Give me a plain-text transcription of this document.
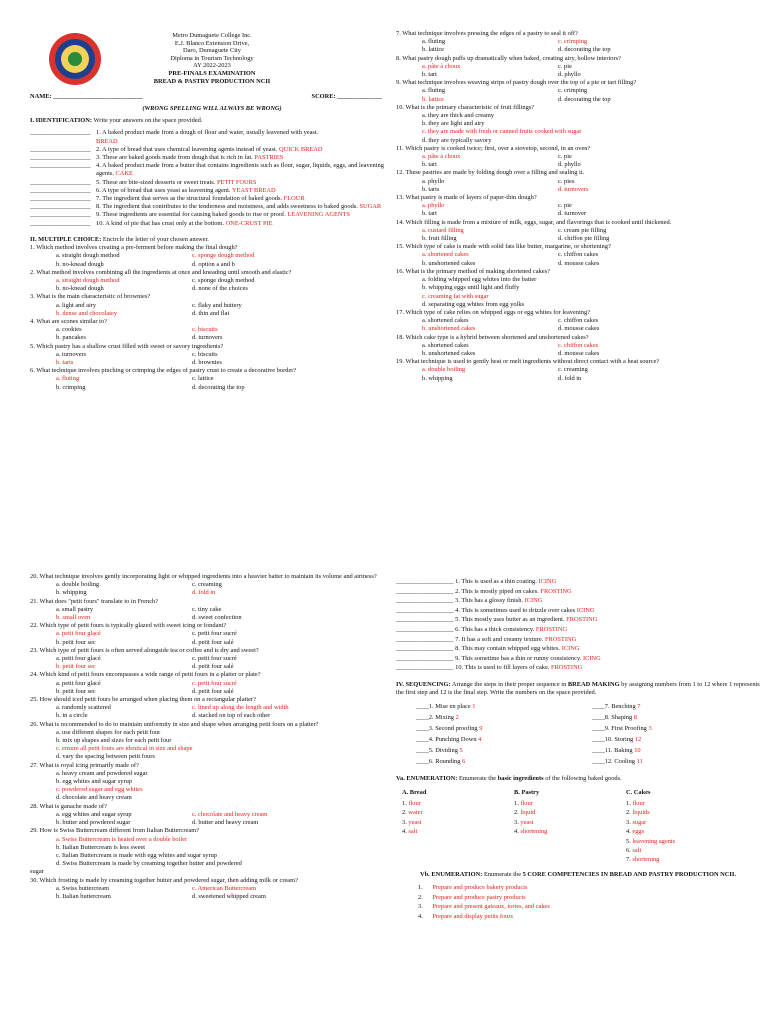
Metro Dumaguete College Inc.
E.J. Blanco Extension Drive,
Daro, Dumaguete City
Diploma in Tourism Technology
AY 2022-2023
PRE-FINALS EXAMINATION
BREAD & PASTRY PRODUCTION NCII
NAME: ____________________________	SCORE: ______________
(WRONG SPELLING WILL ALWAYS BE WRONG)
I. IDENTIFICATION: Write your answers on the space provided.
___________________ 1. A baked product made from a dough of flour and water, usually leavened with yeast.
BREAD
___________________ 2. A type of bread that uses chemical leavening agents instead of yeast. QUICK BREAD
___________________ 3. These are baked goods made from dough that is rich in fat. PASTRIES
___________________ 4. A baked product made from a butter that contains ingredients such as flour, sugar, liquids, eggs, and leavening agents. CAKE
___________________ 5. These are bite-sized desserts or sweet treats. PETIT FOURS
___________________ 6. A type of bread that uses yeast as leavening agent. YEAST BREAD
___________________ 7. The ingredient that serves as the structural foundation of baked goods. FLOUR
___________________ 8. The ingredient that contributes to the tenderness and moistness, and adds sweetness to baked goods. SUGAR
___________________ 9. These ingredients are essential for causing baked goods to rise or proof. LEAVENING AGENTS
___________________ 10. A kind of pie that has crust only at the bottom. ONE-CRUST PIE
II. MULTIPLE CHOICE: Encircle the letter of your chosen answer.
1. Which method involves creating a pre-ferment before making the final dough?
a. straight dough method	c. sponge dough method
b. no-knead dough	d. option a and b
2. What method involves combining all the ingredients at once and kneading until smooth and elastic?
a. straight dough method	c. sponge dough method
b. no-knead dough	d. none of the choices
3. What is the main characteristic of brownies?
a. light and airy	c. flaky and buttery
b. dense and chocolatey	d. thin and flat
4. What are scones similar to?
a. cookies	c. biscuits
b. pancakes	d. turnovers
5. Which pastry has a shallow crust filled with sweet or savory ingredients?
a. turnovers	c. biscuits
b. tarts	d. brownies
6. What technique involves pinching or crimping the edges of pastry crust to create a decorative border?
a. fluting	c. lattice
b. crimping	d. decorating the top
7. What technique involves pressing the edges of a pastry to seal it off?
a. fluting	c. crimping
b. lattice	d. decorating the top
8. What pastry dough puffs up dramatically when baked, creating airy, hollow interiors?
a. pâte à choux	c. pie
b. tart	d. phyllo
9. What technique involves weaving strips of pastry dough over the top of a pie or tart filling?
a. fluting	c. crimping
b. lattice	d. decorating the top
10. What is the primary characteristic of fruit fillings?
a. they are thick and creamy
b. they are light and airy
c. they are made with fresh or canned fruits cooked with sugar
d. they are typically savory
11. Which pastry is cooked twice; first, over a stovetop, second, in an oven?
a. pâte à choux	c. pie
b. tart	d. phyllo
12. These pastries are made by folding dough over a filling and sealing it.
a. phyllo	c. pies
b. tarts	d. turnovers
13. What pastry is made of layers of paper-thin dough?
a. phyllo	c. pie
b. tart	d. turnover
14. Which filling is made from a mixture of milk, eggs, sugar, and flavorings that is cooked until thickened.
a. custard filling	c. cream pie filling
b. fruit filling	d. chiffon pie filling
15. Which type of cake is made with solid fats like butter, margarine, or shortening?
a. shortened cakes	c. chiffon cakes
b. unshortened cakes	d. mousse cakes
16. What is the primary method of making shortened cakes?
a. folding whipped egg whites into the batter
b. whipping eggs until light and fluffy
c. creaming fat with sugar
d. separating egg whites from egg yolks
17. Which type of cake relies on whipped eggs or egg whites for leavening?
a. shortened cakes	c. chiffon cakes
b. unshortened cakes	d. mousse cakes
18. Which cake type is a hybrid between shortened and unshortened cakes?
a. shortened cakes	c. chiffon cakes
b. unshortened cakes	d. mousse cakes
19. What technique is used to gently heat or melt ingredients without direct contact with a heat source?
a. double boiling	c. creaming
b. whipping	d. fold in
20. What technique involves gently incorporating light or whipped ingredients into a heavier batter to maintain its volume and airiness?
a. double boiling	c. creaming
b. whipping	d. fold in
21. What does "petit fours" translate to in French?
a. small pastry	c. tiny cake
b. small oven	d. sweet confection
22. Which type of petit fours is typically glazed with sweet icing or fondant?
a. petit four glacé	c. petit four sucré
b. petit four sec	d. petit four salé
23. Which type of petit fours is often served alongside tea or coffee and is dry and sweet?
a. petit four glacé	c. petit four sucré
b. petit four sec	d. petit four salé
24. Which kind of petit fours encompasses a wide range of petit fours in a platter or plate?
a. petit four glacé	c. petit four sucré
b. petit four sec	d. petit four salé
25. How should iced petit fours be arranged when placing them on a rectangular platter?
a. randomly scattered	c. lined up along the length and width
b. in a circle	d. stacked on top of each other
26. What is recommended to do to maintain uniformity in size and shape when arranging petit fours on a platter?
a. use different shapes for each petit four
b. mix up shapes and sizes for each petit four
c. ensure all petit fours are identical in size and shape
d. vary the spacing between petit fours
27. What is royal icing primarily made of?
a. heavy cream and powdered sugar
b. egg whites and sugar syrup
c. powdered sugar and egg whites
d. chocolate and heavy cream
28. What is ganache made of?
a. egg whites and sugar syrup	c. chocolate and heavy cream
b. butter and powdered sugar	d. butter and heavy cream
29. How is Swiss Buttercream different from Italian Buttercream?
a. Swiss Buttercream is heated over a double boiler
b. Italian Buttercream is less sweet
c. Italian Buttercream is made with egg whites and sugar syrup
d. Swiss Buttercream is made by creaming together butter and powdered
sugar
30. Which frosting is made by creaming together butter and powdered sugar, then adding milk or cream?
a. Swiss buttercream	c. American Buttercream
b. Italian buttercream	d. sweetened whipped cream
__________________ 1. This is used as a thin coating. ICING
__________________ 2. This is mostly piped on cakes. FROSTING
__________________ 3. This has a glossy finish. ICING
__________________ 4. This is sometimes used to drizzle over cakes ICING
__________________ 5. This mostly uses butter as an ingredient. FROSTING
__________________ 6. This has a thick consistency. FROSTING
__________________ 7. It has a soft and creamy texture. FROSTING
__________________ 8. This may contain whipped egg whites. ICING
__________________ 9. This sometime has a thin or runny consistency. ICING
__________________ 10. This is used to fill layers of cake. FROSTING
IV. SEQUENCING: Arrange the steps in their proper sequence in BREAD MAKING by assigning numbers from 1 to 12 where 1 represents the first step and 12 is the final step. Write the numbers on the space provided.
____1. Mise en place 1	____7. Benching 7
____2. Mixing 2	____8. Shaping 8
____3. Second proofing 9	____9. First Proofing 3
____4. Punching Down 4	____10. Storing 12
____5. Dividing 5	____11. Baking 10
____6. Rounding 6	____12. Cooling 11
Va. ENUMERATION: Enumerate the basic ingredients of the following baked goods.
A. Bread
1. flour
2. water
3. yeast
4. salt
B. Pastry
1. flour
2. liquid
3. yeast
4. shortening
C. Cakes
1. flour
2. liquids
3. sugar
4. eggs
5. leavening agents
6. salt
7. shortening
Vb. ENUMERATION: Enumerate the 5 CORE COMPETENCIES IN BREAD AND PASTRY PRODUCTION NCII.
1.      Prepare and produce bakery products
2.      Prepare and produce pastry products
3.      Prepare and present gateaux, tortes, and cakes
4.      Prepare and display petits fours
